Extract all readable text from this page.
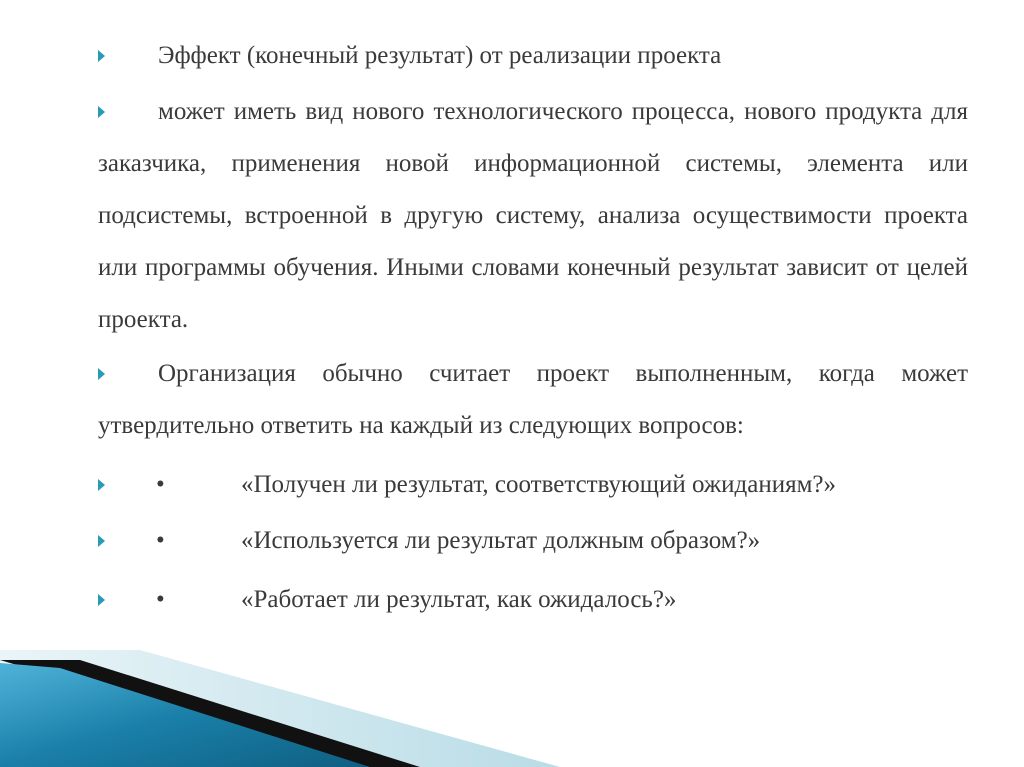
Эффект (конечный результат) от реализации проекта

может иметь вид нового технологического процесса, нового продукта для заказчика, применения новой информационной системы, элемента или подсистемы, встроенной в другую систему, анализа осуществимости проекта или программы обучения. Иными словами конечный результат зависит от целей проекта.

Организация обычно считает проект выполненным, когда может утвердительно ответить на каждый из следующих вопросов:

•	«Получен ли результат, соответствующий ожиданиям?»
•	«Используется ли результат должным образом?»
•	«Работает ли результат, как ожидалось?»
